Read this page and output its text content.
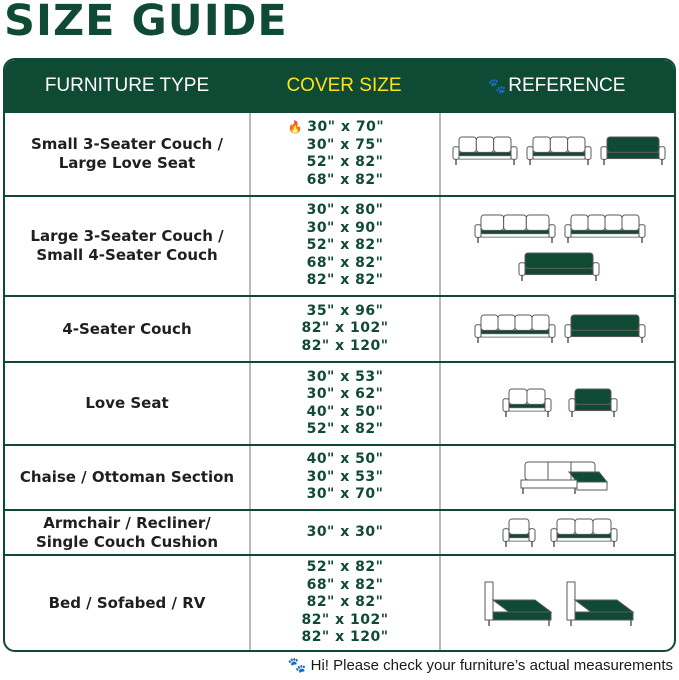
SIZE GUIDE
FURNITURE TYPE	COVER SIZE	🐾 REFERENCE
Small 3-Seater Couch /
Large Love Seat
🔥 30" x 70"
30" x 75"
52" x 82"
68" x 82"
Large 3-Seater Couch /
Small 4-Seater Couch
30" x 80"
30" x 90"
52" x 82"
68" x 82"
82" x 82"
4-Seater Couch
35" x 96"
82" x 102"
82" x 120"
Love Seat
30" x 53"
30" x 62"
40" x 50"
52" x 82"
Chaise / Ottoman Section
40" x 50"
30" x 53"
30" x 70"
Armchair / Recliner/
Single Couch Cushion
30" x 30"
Bed / Sofabed / RV
52" x 82"
68" x 82"
82" x 82"
82" x 102"
82" x 120"
🐾 Hi! Please check your furniture’s actual measurements
